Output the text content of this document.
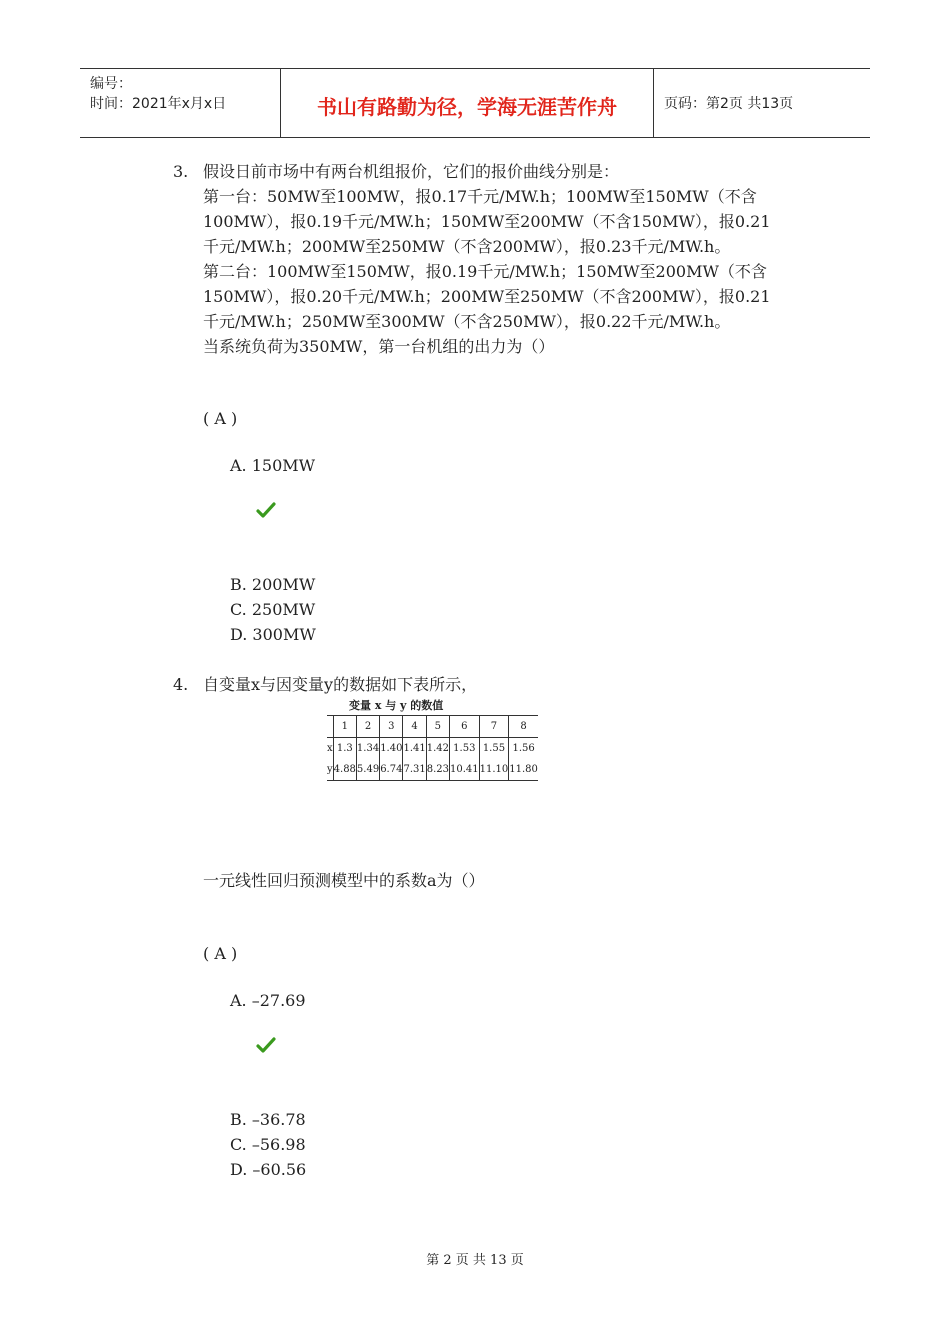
编号：
时间：2021年x月x日	书山有路勤为径，学海无涯苦作舟	页码：第2页 共13页
3. 假设日前市场中有两台机组报价，它们的报价曲线分别是：
第一台：50MW至100MW，报0.17千元/MW.h；100MW至150MW（不含
100MW），报0.19千元/MW.h；150MW至200MW（不含150MW），报0.21
千元/MW.h；200MW至250MW（不含200MW），报0.23千元/MW.h。
第二台：100MW至150MW，报0.19千元/MW.h；150MW至200MW（不含
150MW），报0.20千元/MW.h；200MW至250MW（不含200MW），报0.21
千元/MW.h；250MW至300MW（不含250MW），报0.22千元/MW.h。
当系统负荷为350MW，第一台机组的出力为（）
( A )
A. 150MW
B. 200MW
C. 250MW
D. 300MW
4. 自变量x与因变量y的数据如下表所示，
变量 x 与 y 的数值
	1	2	3	4	5	6	7	8
x	1.3	1.34	1.40	1.41	1.42	1.53	1.55	1.56
y	4.88	5.49	6.74	7.31	8.23	10.41	11.10	11.80
一元线性回归预测模型中的系数a为（）
( A )
A. –27.69
B. –36.78
C. –56.98
D. –60.56
第 2 页 共 13 页
